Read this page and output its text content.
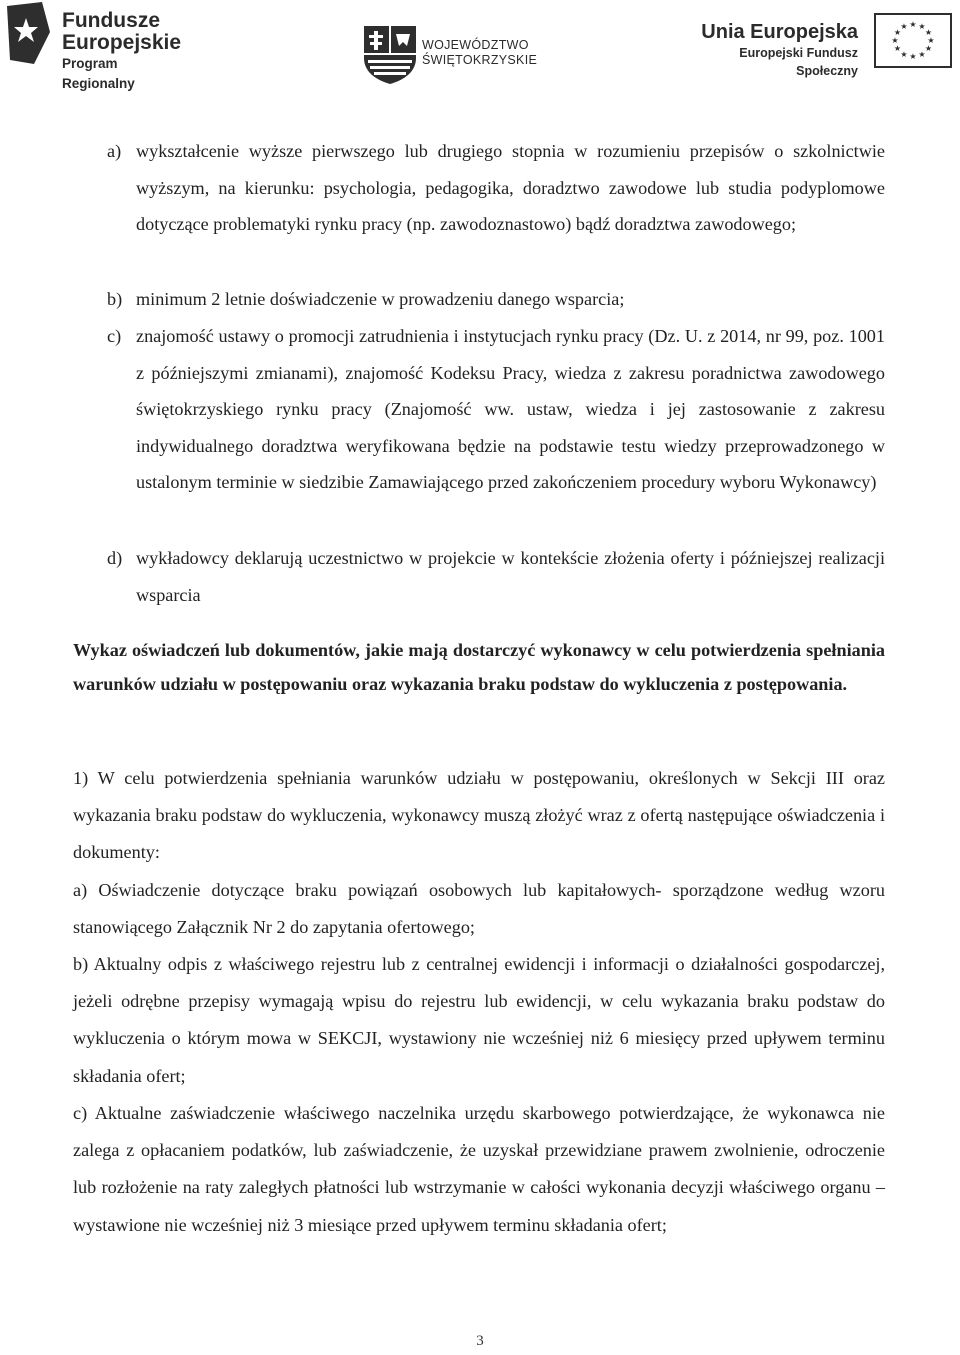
Fundusze
Europejskie
Program Regionalny
WOJEWÓDZTWO
ŚWIĘTOKRZYSKIE
Unia Europejska
Europejski Fundusz Społeczny
★ ★
★
★
★
★
★
★
★
★
★
★
a) wykształcenie wyższe pierwszego lub drugiego stopnia w rozumieniu przepisów o szkolnictwie wyższym, na kierunku: psychologia, pedagogika, doradztwo zawodowe lub studia podyplomowe dotyczące problematyki rynku pracy (np. zawodoznastowo) bądź doradztwa zawodowego;
b) minimum 2 letnie doświadczenie w prowadzeniu danego wsparcia;
c) znajomość ustawy o promocji zatrudnienia i instytucjach rynku pracy (Dz. U. z 2014, nr 99, poz. 1001 z późniejszymi zmianami), znajomość Kodeksu Pracy, wiedza z zakresu poradnictwa zawodowego świętokrzyskiego rynku pracy (Znajomość ww. ustaw, wiedza i jej zastosowanie z zakresu indywidualnego doradztwa weryfikowana będzie na podstawie testu wiedzy przeprowadzonego w ustalonym terminie w siedzibie Zamawiającego przed zakończeniem procedury wyboru Wykonawcy)
d) wykładowcy deklarują uczestnictwo w projekcie w kontekście złożenia oferty i późniejszej realizacji wsparcia
Wykaz oświadczeń lub dokumentów, jakie mają dostarczyć wykonawcy w celu potwierdzenia spełniania warunków udziału w postępowaniu oraz wykazania braku podstaw do wykluczenia z postępowania.
1) W celu potwierdzenia spełniania warunków udziału w postępowaniu, określonych w Sekcji III oraz wykazania braku podstaw do wykluczenia, wykonawcy muszą złożyć wraz z ofertą następujące oświadczenia i dokumenty:
a) Oświadczenie dotyczące braku powiązań osobowych lub kapitałowych- sporządzone według wzoru stanowiącego Załącznik Nr 2 do zapytania ofertowego;
b) Aktualny odpis z właściwego rejestru lub z centralnej ewidencji i informacji o działalności gospodarczej, jeżeli odrębne przepisy wymagają wpisu do rejestru lub ewidencji, w celu wykazania braku podstaw do wykluczenia o którym mowa w SEKCJI, wystawiony nie wcześniej niż 6 miesięcy przed upływem terminu składania ofert;
c) Aktualne zaświadczenie właściwego naczelnika urzędu skarbowego potwierdzające, że wykonawca nie zalega z opłacaniem podatków, lub zaświadczenie, że uzyskał przewidziane prawem zwolnienie, odroczenie lub rozłożenie na raty zaległych płatności lub wstrzymanie w całości wykonania decyzji właściwego organu – wystawione nie wcześniej niż 3 miesiące przed upływem terminu składania ofert;
3
